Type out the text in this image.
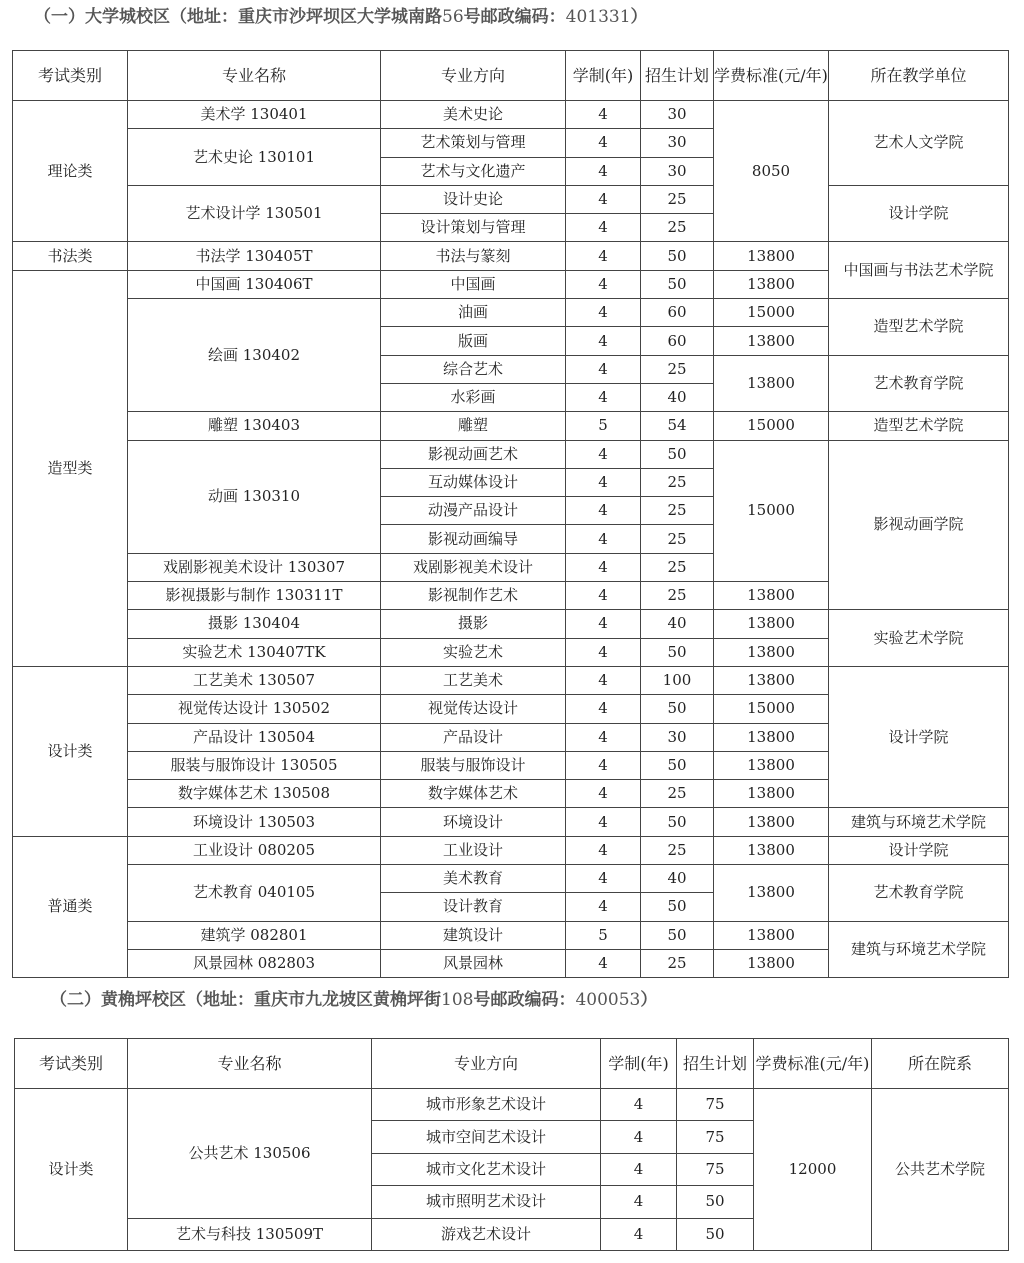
（一）大学城校区（地址：重庆市沙坪坝区大学城南路56号邮政编码：401331）
考试类别	专业名称	专业方向	学制(年)	招生计划	学费标准(元/年)	所在教学单位
理论类	美术学 130401	美术史论	4	30	8050	艺术人文学院
	艺术史论 130101	艺术策划与管理	4	30		
		艺术与文化遗产	4	30		
	艺术设计学 130501	设计史论	4	25		设计学院
		设计策划与管理	4	25		
书法类	书法学 130405T	书法与篆刻	4	50	13800	中国画与书法艺术学院
造型类	中国画 130406T	中国画	4	50	13800	
	绘画 130402	油画	4	60	15000	造型艺术学院
		版画	4	60	13800	
		综合艺术	4	25	13800	艺术教育学院
		水彩画	4	40		
	雕塑 130403	雕塑	5	54	15000	造型艺术学院
	动画 130310	影视动画艺术	4	50	15000	影视动画学院
		互动媒体设计	4	25		
		动漫产品设计	4	25		
		影视动画编导	4	25		
	戏剧影视美术设计 130307	戏剧影视美术设计	4	25		
	影视摄影与制作 130311T	影视制作艺术	4	25	13800	
	摄影 130404	摄影	4	40	13800	实验艺术学院
	实验艺术 130407TK	实验艺术	4	50	13800	
设计类	工艺美术 130507	工艺美术	4	100	13800	设计学院
	视觉传达设计 130502	视觉传达设计	4	50	15000	
	产品设计 130504	产品设计	4	30	13800	
	服装与服饰设计 130505	服装与服饰设计	4	50	13800	
	数字媒体艺术 130508	数字媒体艺术	4	25	13800	
	环境设计 130503	环境设计	4	50	13800	建筑与环境艺术学院
普通类	工业设计 080205	工业设计	4	25	13800	设计学院
	艺术教育 040105	美术教育	4	40	13800	艺术教育学院
		设计教育	4	50		
	建筑学 082801	建筑设计	5	50	13800	建筑与环境艺术学院
	风景园林 082803	风景园林	4	25	13800	
（二）黄桷坪校区（地址：重庆市九龙坡区黄桷坪街108号邮政编码：400053）
考试类别	专业名称	专业方向	学制(年)	招生计划	学费标准(元/年)	所在院系
设计类	公共艺术 130506	城市形象艺术设计	4	75	12000	公共艺术学院
		城市空间艺术设计	4	75		
		城市文化艺术设计	4	75		
		城市照明艺术设计	4	50		
	艺术与科技 130509T	游戏艺术设计	4	50		
